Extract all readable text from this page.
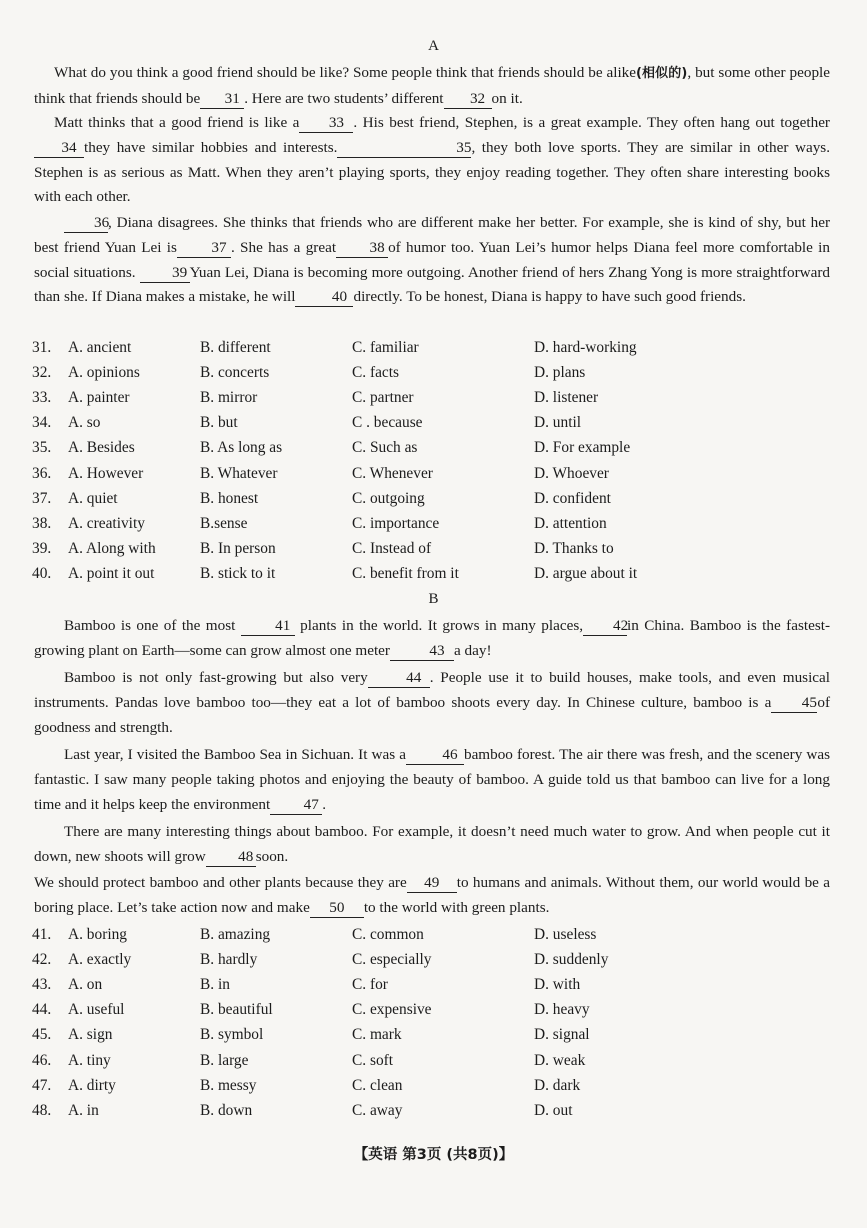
A
What do you think a good friend should be like? Some people think that friends should be alike(相似的), but some other people think that friends should be 31 . Here are two students’ different 32 on it.
Matt thinks that a good friend is like a 33 . His best friend, Stephen, is a great example. They often hang out together34 they have similar hobbies and interests.	35, they both love sports. They are similar in other ways. Stephen is as serious as Matt. When they aren’t playing sports, they enjoy reading together. They often share interesting books with each other.
36, Diana disagrees. She thinks that friends who are different make her better. For example, she is kind of shy, but her best friend Yuan Lei is 37 . She has a great 38 of humor too. Yuan Lei’s humor helps Diana feel more comfortable in social situations. 39 Yuan Lei, Diana is becoming more outgoing. Another friend of hers Zhang Yong is more straightforward than she. If Diana makes a mistake, he will 40 directly. To be honest, Diana is happy to have such good friends.
31.	A. ancient	B. different	C. familiar	D. hard-working
32.	A. opinions	B. concerts	C. facts	D. plans
33.	A. painter	B. mirror	C. partner	D. listener
34.	A. so	B. but	C . because	D. until
35.	A. Besides	B. As long as	C. Such as	D. For example
36.	A. However	B. Whatever	C. Whenever	D. Whoever
37.	A. quiet	B. honest	C. outgoing	D. confident
38.	A. creativity	B.sense	C. importance	D. attention
39.	A. Along with	B. In person	C. Instead of	D. Thanks to
40.	A. point it out	B. stick to it	C. benefit from it	D. argue about it
B
Bamboo is one of the most	41 plants in the world. It grows in many places, 42in China. Bamboo is the fastest-growing plant on Earth—some can grow almost one meter	43 a day!
Bamboo is not only fast-growing but also very	44 . People use it to build houses, make tools, and even musical instruments. Pandas love bamboo too—they eat a lot of bamboo shoots every day. In Chinese culture, bamboo is a 45of goodness and strength.
Last year, I visited the Bamboo Sea in Sichuan. It was a 46 bamboo forest. The air there was fresh, and the scenery was fantastic. I saw many people taking photos and enjoying the beauty of bamboo. A guide told us that bamboo can live for a long time and it helps keep the environment 47 .
There are many interesting things about bamboo. For example, it doesn’t need much water to grow. And when people cut it down, new shoots will grow 48 soon.
We should protect bamboo and other plants because they are 49 to humans and animals. Without them, our world would be a boring place. Let’s take action now and make 50 to the world with green plants.
41.	A. boring	B. amazing	C. common	D. useless
42.	A. exactly	B. hardly	C. especially	D. suddenly
43.	A. on	B. in	C. for	D. with
44.	A. useful	B. beautiful	C. expensive	D. heavy
45.	A. sign	B. symbol	C. mark	D. signal
46.	A. tiny	B. large	C. soft	D. weak
47.	A. dirty	B. messy	C. clean	D. dark
48.	A. in	B. down	C. away	D. out
【英语 第3页 (共8页)】
